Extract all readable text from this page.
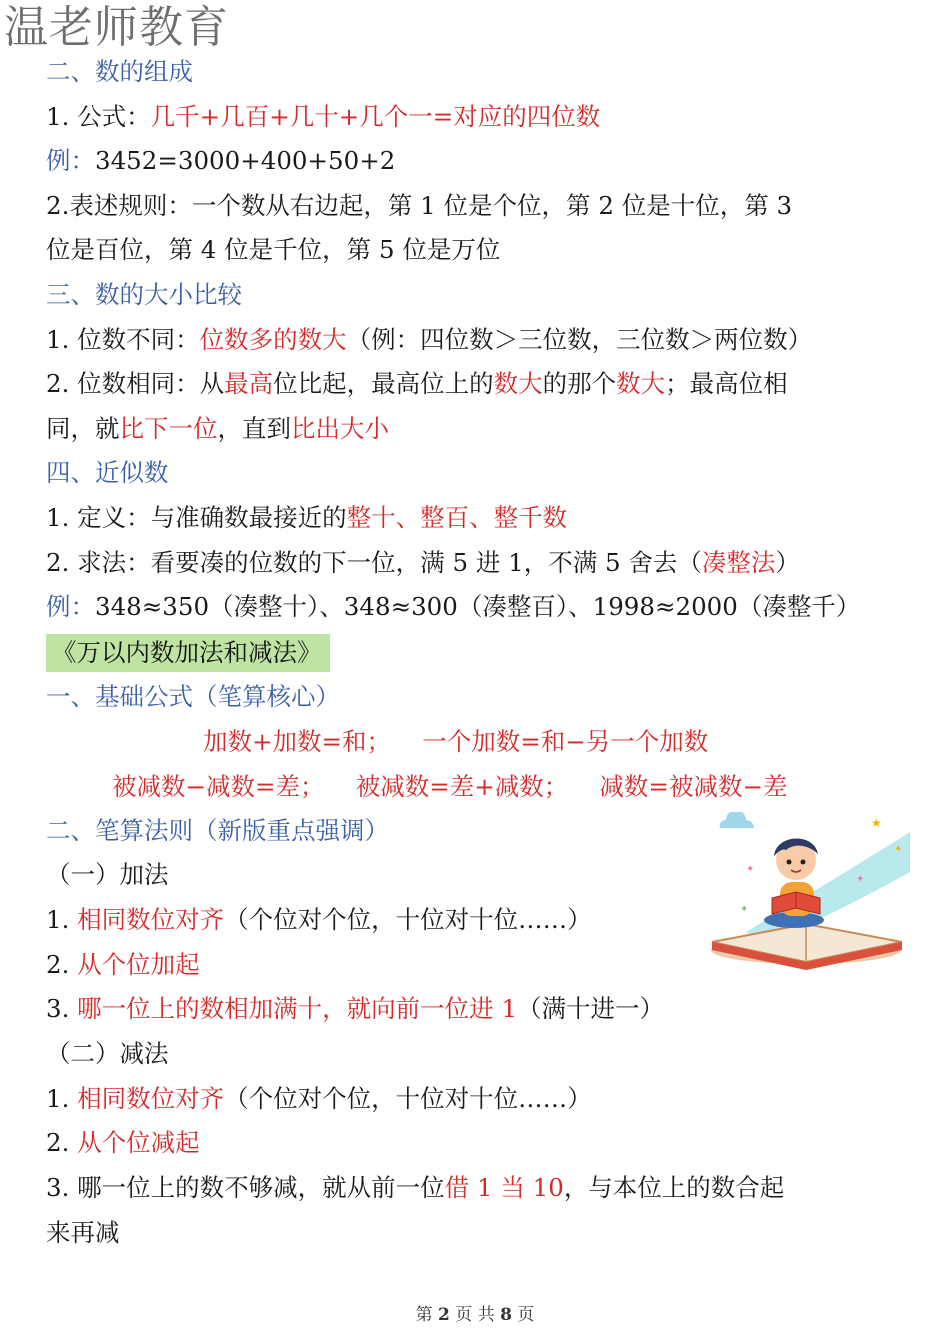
温老师教育
二、数的组成
1. 公式：几千+几百+几十+几个一=对应的四位数
例：3452=3000+400+50+2
2.表述规则：一个数从右边起，第 1 位是个位，第 2 位是十位，第 3
位是百位，第 4 位是千位，第 5 位是万位
三、数的大小比较
1. 位数不同：位数多的数大（例：四位数＞三位数，三位数＞两位数）
2. 位数相同：从最高位比起，最高位上的数大的那个数大；最高位相
同，就比下一位，直到比出大小
四、近似数
1. 定义：与准确数最接近的整十、整百、整千数
2. 求法：看要凑的位数的下一位，满 5 进 1，不满 5 舍去（凑整法）
例：348≈350（凑整十）、348≈300（凑整百）、1998≈2000（凑整千）
《万以内数加法和减法》
一、基础公式（笔算核心）
加数+加数=和；    一个加数=和−另一个加数
被减数−减数=差；    被减数=差+减数；    减数=被减数−差
二、笔算法则（新版重点强调）
（一）加法
1. 相同数位对齐（个位对个位，十位对十位……）
2. 从个位加起
3. 哪一位上的数相加满十，就向前一位进 1（满十进一）
（二）减法
1. 相同数位对齐（个位对个位，十位对十位……）
2. 从个位减起
3. 哪一位上的数不够减，就从前一位借 1 当 10，与本位上的数合起
来再减
★
✦
✦
✦
✦
第 2 页 共 8 页
